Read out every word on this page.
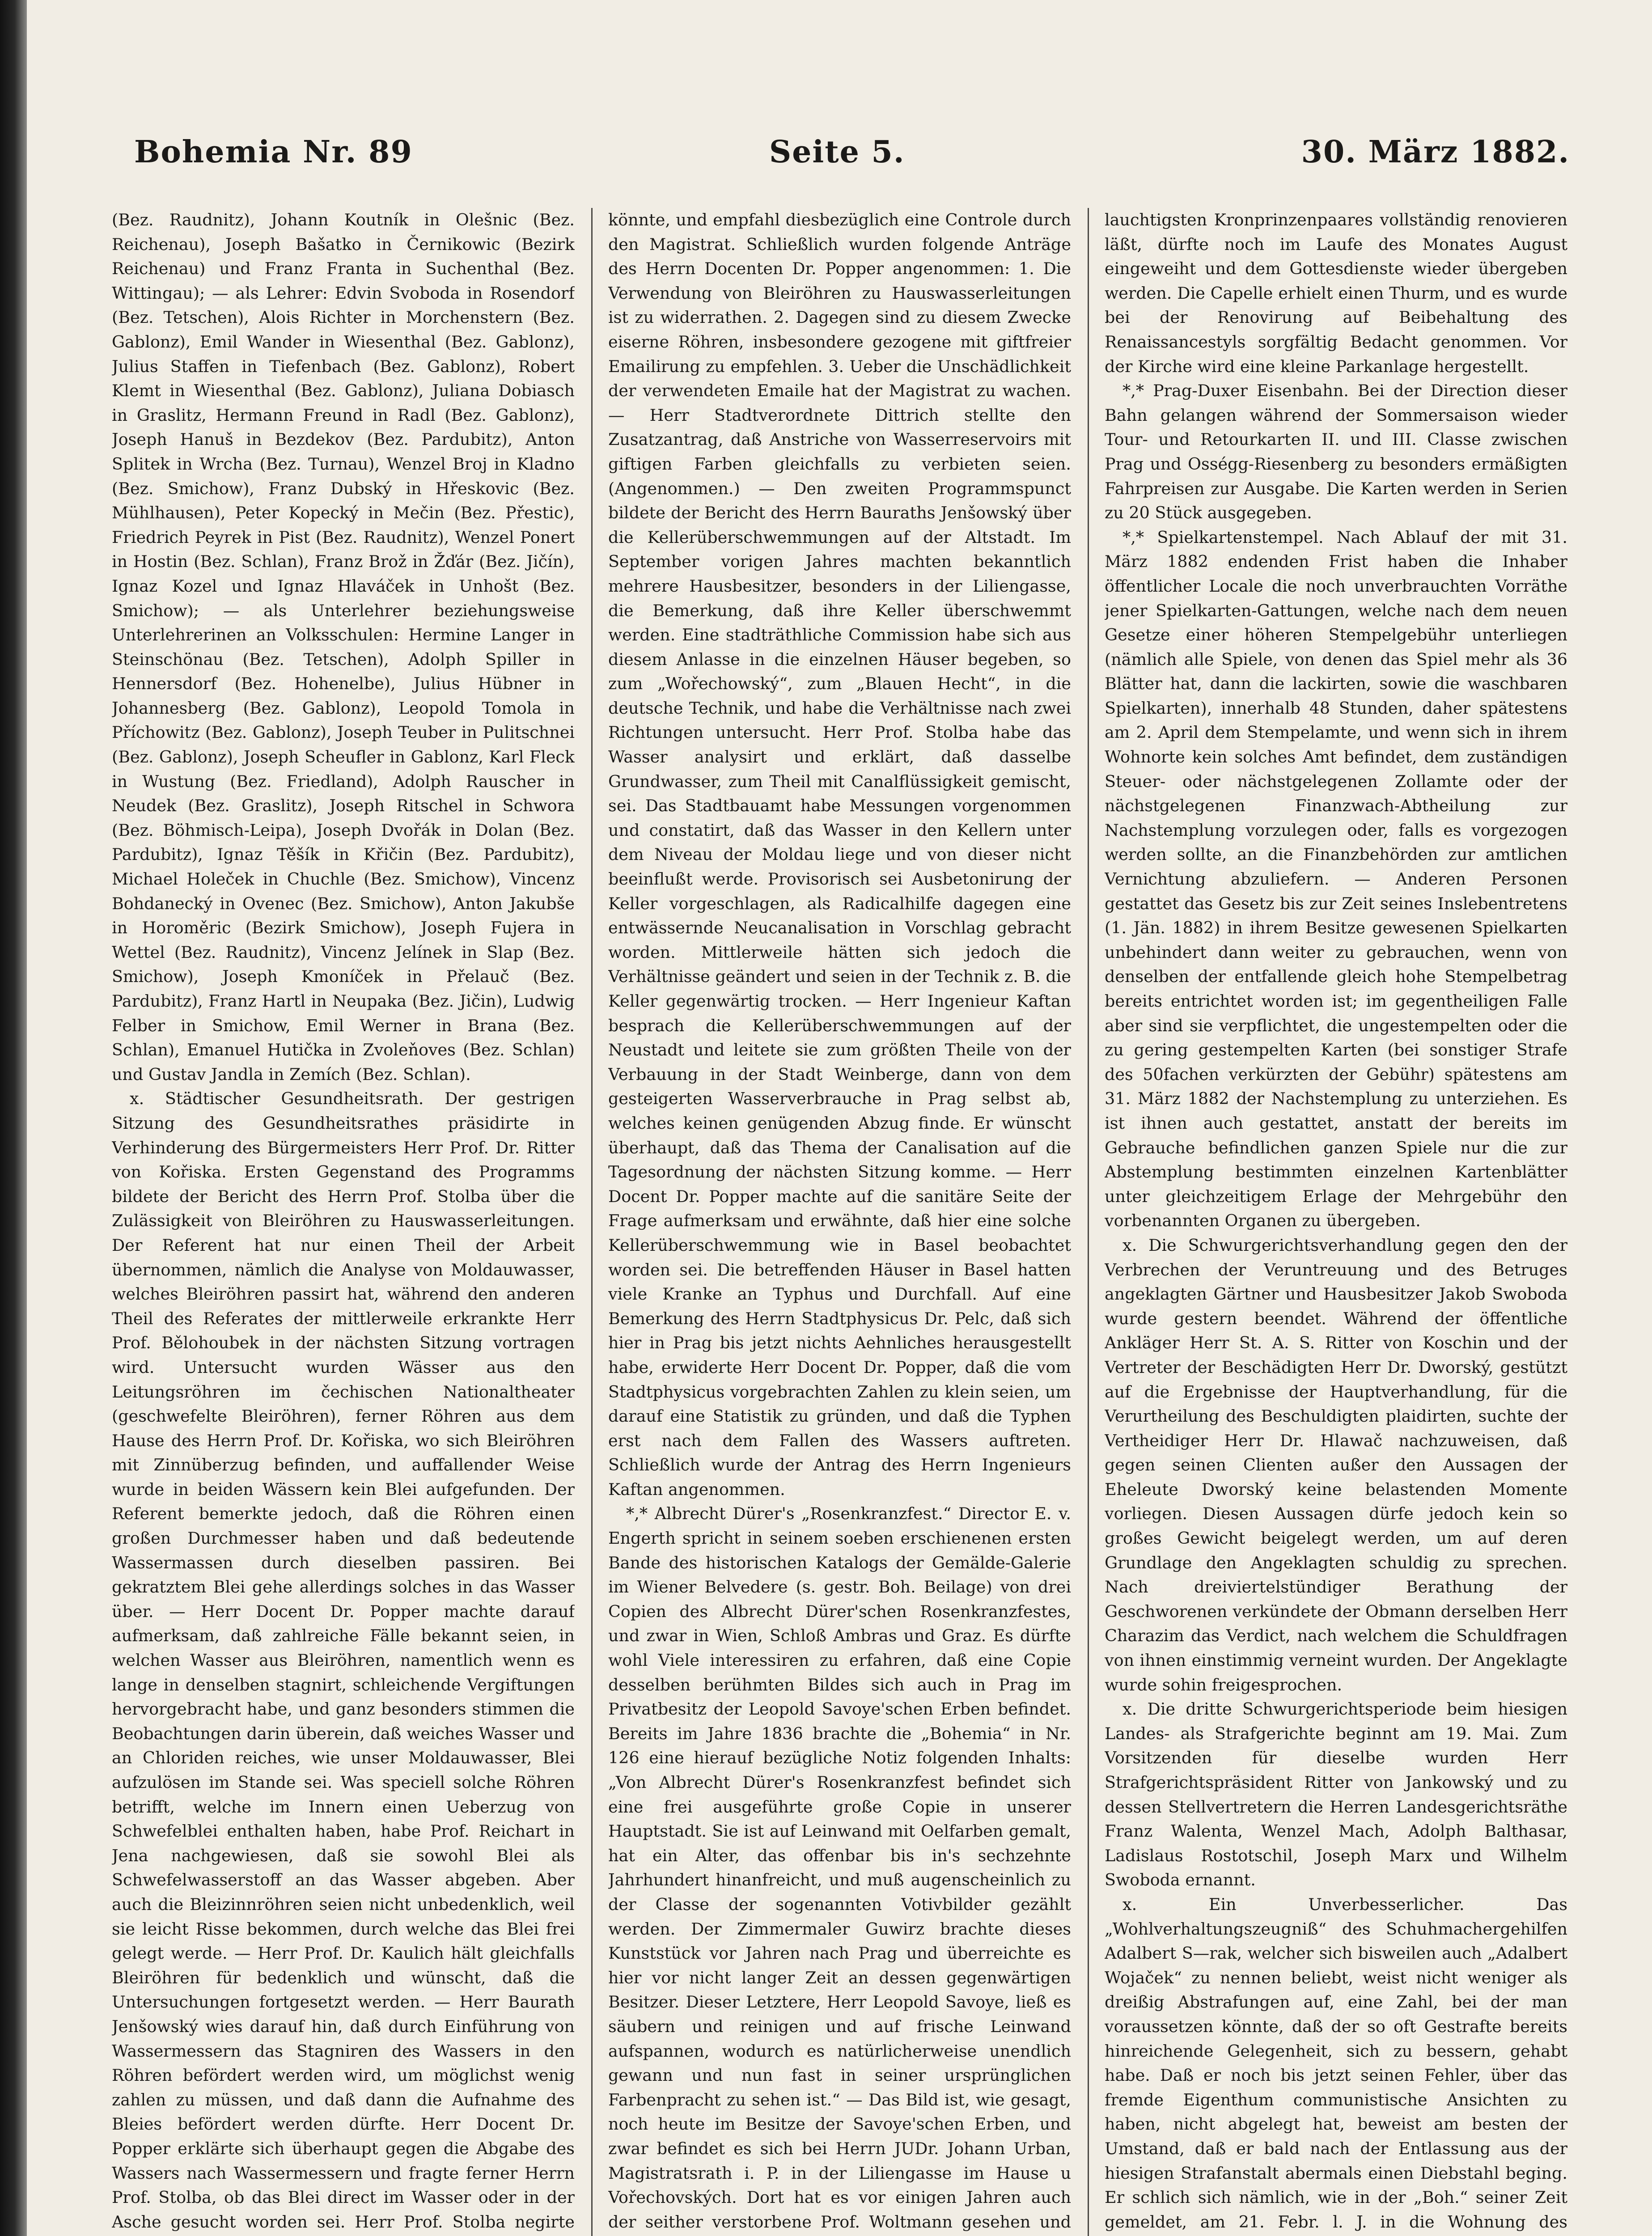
Bohemia Nr. 89	Seite 5.	30. März 1882.

(Bez. Raudnitz), Johann Koutník in Olešnic (Bez. Reichenau), Joseph Bašatko in Černikowic (Bezirk Reichenau) und Franz Franta in Suchenthal (Bez. Wittingau); — als Lehrer: Edvin Svoboda in Rosendorf (Bez. Tetschen), Alois Richter in Morchenstern (Bez. Gablonz), Emil Wander in Wiesenthal (Bez. Gablonz), Julius Staffen in Tiefenbach (Bez. Gablonz), Robert Klemt in Wiesenthal (Bez. Gablonz), Juliana Dobiasch in Graslitz, Hermann Freund in Radl (Bez. Gablonz), Joseph Hanuš in Bezdekov (Bez. Pardubitz), Anton Splitek in Wrcha (Bez. Turnau), Wenzel Broj in Kladno (Bez. Smichow), Franz Dubský in Hřeskovic (Bez. Mühlhausen), Peter Kopecký in Mečin (Bez. Přestic), Friedrich Peyrek in Pist (Bez. Raudnitz), Wenzel Ponert in Hostin (Bez. Schlan), Franz Brož in Žďár (Bez. Jičín), Ignaz Kozel und Ignaz Hlaváček in Unhošt (Bez. Smichow); — als Unterlehrer beziehungsweise Unterlehrerinen an Volksschulen: Hermine Langer in Steinschönau (Bez. Tetschen), Adolph Spiller in Hennersdorf (Bez. Hohenelbe), Julius Hübner in Johannesberg (Bez. Gablonz), Leopold Tomola in Příchowitz (Bez. Gablonz), Joseph Teuber in Pulitschnei (Bez. Gablonz), Joseph Scheufler in Gablonz, Karl Fleck in Wustung (Bez. Friedland), Adolph Rauscher in Neudek (Bez. Graslitz), Joseph Ritschel in Schwora (Bez. Böhmisch-Leipa), Joseph Dvořák in Dolan (Bez. Pardubitz), Ignaz Těšík in Křičin (Bez. Pardubitz), Michael Holeček in Chuchle (Bez. Smichow), Vincenz Bohdanecký in Ovenec (Bez. Smichow), Anton Jakubše in Horoměric (Bezirk Smichow), Joseph Fujera in Wettel (Bez. Raudnitz), Vincenz Jelínek in Slap (Bez. Smichow), Joseph Kmoníček in Přelauč (Bez. Pardubitz), Franz Hartl in Neupaka (Bez. Jičin), Ludwig Felber in Smichow, Emil Werner in Brana (Bez. Schlan), Emanuel Hutička in Zvoleňoves (Bez. Schlan) und Gustav Jandla in Zemích (Bez. Schlan).

x. Städtischer Gesundheitsrath. Der gestrigen Sitzung des Gesundheitsrathes präsidirte in Verhinderung des Bürgermeisters Herr Prof. Dr. Ritter von Kořiska. Ersten Gegenstand des Programms bildete der Bericht des Herrn Prof. Stolba über die Zulässigkeit von Bleiröhren zu Hauswasserleitungen. Der Referent hat nur einen Theil der Arbeit übernommen, nämlich die Analyse von Moldauwasser, welches Bleiröhren passirt hat, während den anderen Theil des Referates der mittlerweile erkrankte Herr Prof. Bělohoubek in der nächsten Sitzung vortragen wird. Untersucht wurden Wässer aus den Leitungsröhren im čechischen Nationaltheater (geschwefelte Bleiröhren), ferner Röhren aus dem Hause des Herrn Prof. Dr. Kořiska, wo sich Bleiröhren mit Zinnüberzug befinden, und auffallender Weise wurde in beiden Wässern kein Blei aufgefunden. Der Referent bemerkte jedoch, daß die Röhren einen großen Durchmesser haben und daß bedeutende Wassermassen durch dieselben passiren. Bei gekratztem Blei gehe allerdings solches in das Wasser über. — Herr Docent Dr. Popper machte darauf aufmerksam, daß zahlreiche Fälle bekannt seien, in welchen Wasser aus Bleiröhren, namentlich wenn es lange in denselben stagnirt, schleichende Vergiftungen hervorgebracht habe, und ganz besonders stimmen die Beobachtungen darin überein, daß weiches Wasser und an Chloriden reiches, wie unser Moldauwasser, Blei aufzulösen im Stande sei. Was speciell solche Röhren betrifft, welche im Innern einen Ueberzug von Schwefelblei enthalten haben, habe Prof. Reichart in Jena nachgewiesen, daß sie sowohl Blei als Schwefelwasserstoff an das Wasser abgeben. Aber auch die Bleizinnröhren seien nicht unbedenklich, weil sie leicht Risse bekommen, durch welche das Blei frei gelegt werde. — Herr Prof. Dr. Kaulich hält gleichfalls Bleiröhren für bedenklich und wünscht, daß die Untersuchungen fortgesetzt werden. — Herr Baurath Jenšowský wies darauf hin, daß durch Einführung von Wassermessern das Stagniren des Wassers in den Röhren befördert werden wird, um möglichst wenig zahlen zu müssen, und daß dann die Aufnahme des Bleies befördert werden dürfte. Herr Docent Dr. Popper erklärte sich überhaupt gegen die Abgabe des Wassers nach Wassermessern und fragte ferner Herrn Prof. Stolba, ob das Blei direct im Wasser oder in der Asche gesucht worden sei. Herr Prof. Stolba negirte

könnte, und empfahl diesbezüglich eine Controle durch den Magistrat. Schließlich wurden folgende Anträge des Herrn Docenten Dr. Popper angenommen: 1. Die Verwendung von Bleiröhren zu Hauswasserleitungen ist zu widerrathen. 2. Dagegen sind zu diesem Zwecke eiserne Röhren, insbesondere gezogene mit giftfreier Emailirung zu empfehlen. 3. Ueber die Unschädlichkeit der verwendeten Emaile hat der Magistrat zu wachen. — Herr Stadtverordnete Dittrich stellte den Zusatzantrag, daß Anstriche von Wasserreservoirs mit giftigen Farben gleichfalls zu verbieten seien. (Angenommen.) — Den zweiten Programmspunct bildete der Bericht des Herrn Bauraths Jenšowský über die Kellerüberschwemmungen auf der Altstadt. Im September vorigen Jahres machten bekanntlich mehrere Hausbesitzer, besonders in der Liliengasse, die Bemerkung, daß ihre Keller überschwemmt werden. Eine stadträthliche Commission habe sich aus diesem Anlasse in die einzelnen Häuser begeben, so zum „Wořechowský“, zum „Blauen Hecht“, in die deutsche Technik, und habe die Verhältnisse nach zwei Richtungen untersucht. Herr Prof. Stolba habe das Wasser analysirt und erklärt, daß dasselbe Grundwasser, zum Theil mit Canalflüssigkeit gemischt, sei. Das Stadtbauamt habe Messungen vorgenommen und constatirt, daß das Wasser in den Kellern unter dem Niveau der Moldau liege und von dieser nicht beeinflußt werde. Provisorisch sei Ausbetonirung der Keller vorgeschlagen, als Radicalhilfe dagegen eine entwässernde Neucanalisation in Vorschlag gebracht worden. Mittlerweile hätten sich jedoch die Verhältnisse geändert und seien in der Technik z. B. die Keller gegenwärtig trocken. — Herr Ingenieur Kaftan besprach die Kellerüberschwemmungen auf der Neustadt und leitete sie zum größten Theile von der Verbauung in der Stadt Weinberge, dann von dem gesteigerten Wasserverbrauche in Prag selbst ab, welches keinen genügenden Abzug finde. Er wünscht überhaupt, daß das Thema der Canalisation auf die Tagesordnung der nächsten Sitzung komme. — Herr Docent Dr. Popper machte auf die sanitäre Seite der Frage aufmerksam und erwähnte, daß hier eine solche Kellerüberschwemmung wie in Basel beobachtet worden sei. Die betreffenden Häuser in Basel hatten viele Kranke an Typhus und Durchfall. Auf eine Bemerkung des Herrn Stadtphysicus Dr. Pelc, daß sich hier in Prag bis jetzt nichts Aehnliches herausgestellt habe, erwiderte Herr Docent Dr. Popper, daß die vom Stadtphysicus vorgebrachten Zahlen zu klein seien, um darauf eine Statistik zu gründen, und daß die Typhen erst nach dem Fallen des Wassers auftreten. Schließlich wurde der Antrag des Herrn Ingenieurs Kaftan angenommen.

*,* Albrecht Dürer's „Rosenkranzfest.“ Director E. v. Engerth spricht in seinem soeben erschienenen ersten Bande des historischen Katalogs der Gemälde-Galerie im Wiener Belvedere (s. gestr. Boh. Beilage) von drei Copien des Albrecht Dürer'schen Rosenkranzfestes, und zwar in Wien, Schloß Ambras und Graz. Es dürfte wohl Viele interessiren zu erfahren, daß eine Copie desselben berühmten Bildes sich auch in Prag im Privatbesitz der Leopold Savoye'schen Erben befindet. Bereits im Jahre 1836 brachte die „Bohemia“ in Nr. 126 eine hierauf bezügliche Notiz folgenden Inhalts: „Von Albrecht Dürer's Rosenkranzfest befindet sich eine frei ausgeführte große Copie in unserer Hauptstadt. Sie ist auf Leinwand mit Oelfarben gemalt, hat ein Alter, das offenbar bis in's sechzehnte Jahrhundert hinanfreicht, und muß augenscheinlich zu der Classe der sogenannten Votivbilder gezählt werden. Der Zimmermaler Guwirz brachte dieses Kunststück vor Jahren nach Prag und überreichte es hier vor nicht langer Zeit an dessen gegenwärtigen Besitzer. Dieser Letztere, Herr Leopold Savoye, ließ es säubern und reinigen und auf frische Leinwand aufspannen, wodurch es natürlicherweise unendlich gewann und nun fast in seiner ursprünglichen Farbenpracht zu sehen ist.“ — Das Bild ist, wie gesagt, noch heute im Besitze der Savoye'schen Erben, und zwar befindet es sich bei Herrn JUDr. Johann Urban, Magistratsrath i. P. in der Liliengasse im Hause u Vořechovských. Dort hat es vor einigen Jahren auch der seither verstorbene Prof. Woltmann gesehen und

lauchtigsten Kronprinzenpaares vollständig renovieren läßt, dürfte noch im Laufe des Monates August eingeweiht und dem Gottesdienste wieder übergeben werden. Die Capelle erhielt einen Thurm, und es wurde bei der Renovirung auf Beibehaltung des Renaissancestyls sorgfältig Bedacht genommen. Vor der Kirche wird eine kleine Parkanlage hergestellt.

*,* Prag-Duxer Eisenbahn. Bei der Direction dieser Bahn gelangen während der Sommersaison wieder Tour- und Retourkarten II. und III. Classe zwischen Prag und Osségg-Riesenberg zu besonders ermäßigten Fahrpreisen zur Ausgabe. Die Karten werden in Serien zu 20 Stück ausgegeben.

*,* Spielkartenstempel. Nach Ablauf der mit 31. März 1882 endenden Frist haben die Inhaber öffentlicher Locale die noch unverbrauchten Vorräthe jener Spielkarten-Gattungen, welche nach dem neuen Gesetze einer höheren Stempelgebühr unterliegen (nämlich alle Spiele, von denen das Spiel mehr als 36 Blätter hat, dann die lackirten, sowie die waschbaren Spielkarten), innerhalb 48 Stunden, daher spätestens am 2. April dem Stempelamte, und wenn sich in ihrem Wohnorte kein solches Amt befindet, dem zuständigen Steuer- oder nächstgelegenen Zollamte oder der nächstgelegenen Finanzwach-Abtheilung zur Nachstemplung vorzulegen oder, falls es vorgezogen werden sollte, an die Finanzbehörden zur amtlichen Vernichtung abzuliefern. — Anderen Personen gestattet das Gesetz bis zur Zeit seines Inslebentretens (1. Jän. 1882) in ihrem Besitze gewesenen Spielkarten unbehindert dann weiter zu gebrauchen, wenn von denselben der entfallende gleich hohe Stempelbetrag bereits entrichtet worden ist; im gegentheiligen Falle aber sind sie verpflichtet, die ungestempelten oder die zu gering gestempelten Karten (bei sonstiger Strafe des 50fachen verkürzten der Gebühr) spätestens am 31. März 1882 der Nachstemplung zu unterziehen. Es ist ihnen auch gestattet, anstatt der bereits im Gebrauche befindlichen ganzen Spiele nur die zur Abstemplung bestimmten einzelnen Kartenblätter unter gleichzeitigem Erlage der Mehrgebühr den vorbenannten Organen zu übergeben.

x. Die Schwurgerichtsverhandlung gegen den der Verbrechen der Veruntreuung und des Betruges angeklagten Gärtner und Hausbesitzer Jakob Swoboda wurde gestern beendet. Während der öffentliche Ankläger Herr St. A. S. Ritter von Koschin und der Vertreter der Beschädigten Herr Dr. Dworský, gestützt auf die Ergebnisse der Hauptverhandlung, für die Verurtheilung des Beschuldigten plaidirten, suchte der Vertheidiger Herr Dr. Hlawač nachzuweisen, daß gegen seinen Clienten außer den Aussagen der Eheleute Dworský keine belastenden Momente vorliegen. Diesen Aussagen dürfe jedoch kein so großes Gewicht beigelegt werden, um auf deren Grundlage den Angeklagten schuldig zu sprechen. Nach dreiviertelstündiger Berathung der Geschworenen verkündete der Obmann derselben Herr Charazim das Verdict, nach welchem die Schuldfragen von ihnen einstimmig verneint wurden. Der Angeklagte wurde sohin freigesprochen.

x. Die dritte Schwurgerichtsperiode beim hiesigen Landes- als Strafgerichte beginnt am 19. Mai. Zum Vorsitzenden für dieselbe wurden Herr Strafgerichtspräsident Ritter von Jankowský und zu dessen Stellvertretern die Herren Landesgerichtsräthe Franz Walenta, Wenzel Mach, Adolph Balthasar, Ladislaus Rostotschil, Joseph Marx und Wilhelm Swoboda ernannt.

x. Ein Unverbesserlicher. Das „Wohlverhaltungszeugniß“ des Schuhmachergehilfen Adalbert S—rak, welcher sich bisweilen auch „Adalbert Wojaček“ zu nennen beliebt, weist nicht weniger als dreißig Abstrafungen auf, eine Zahl, bei der man voraussetzen könnte, daß der so oft Gestrafte bereits hinreichende Gelegenheit, sich zu bessern, gehabt habe. Daß er noch bis jetzt seinen Fehler, über das fremde Eigenthum communistische Ansichten zu haben, nicht abgelegt hat, beweist am besten der Umstand, daß er bald nach der Entlassung aus der hiesigen Strafanstalt abermals einen Diebstahl beging. Er schlich sich nämlich, wie in der „Boh.“ seiner Zeit gemeldet, am 21. Febr. l. J. in die Wohnung des
